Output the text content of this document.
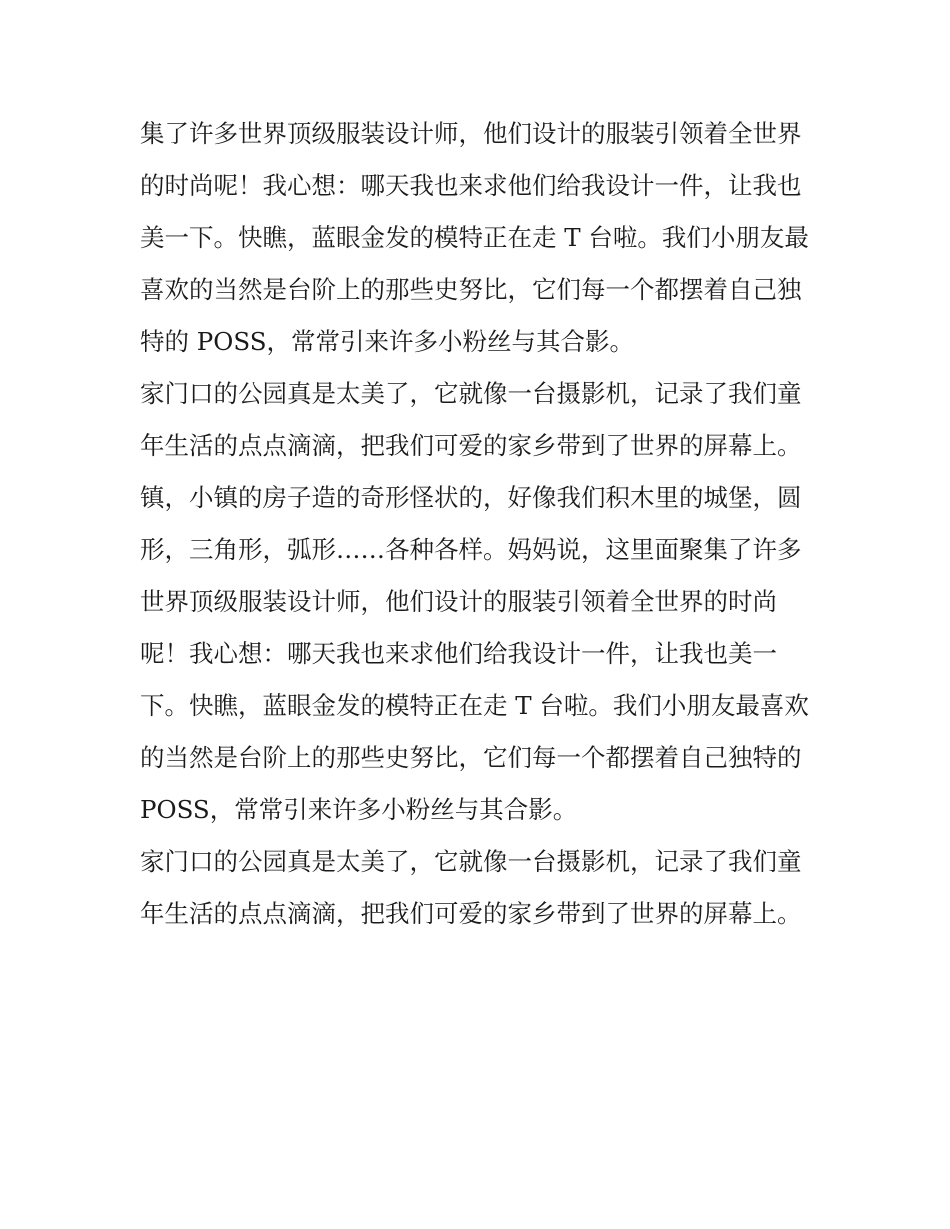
集了许多世界顶级服装设计师，他们设计的服装引领着全世界
的时尚呢！我心想：哪天我也来求他们给我设计一件，让我也
美一下。快瞧，蓝眼金发的模特正在走 T 台啦。我们小朋友最
喜欢的当然是台阶上的那些史努比，它们每一个都摆着自己独
特的 POSS，常常引来许多小粉丝与其合影。
家门口的公园真是太美了，它就像一台摄影机，记录了我们童
年生活的点点滴滴，把我们可爱的家乡带到了世界的屏幕上。
镇，小镇的房子造的奇形怪状的，好像我们积木里的城堡，圆
形，三角形，弧形……各种各样。妈妈说，这里面聚集了许多
世界顶级服装设计师，他们设计的服装引领着全世界的时尚
呢！我心想：哪天我也来求他们给我设计一件，让我也美一
下。快瞧，蓝眼金发的模特正在走 T 台啦。我们小朋友最喜欢
的当然是台阶上的那些史努比，它们每一个都摆着自己独特的
POSS，常常引来许多小粉丝与其合影。
家门口的公园真是太美了，它就像一台摄影机，记录了我们童
年生活的点点滴滴，把我们可爱的家乡带到了世界的屏幕上。
